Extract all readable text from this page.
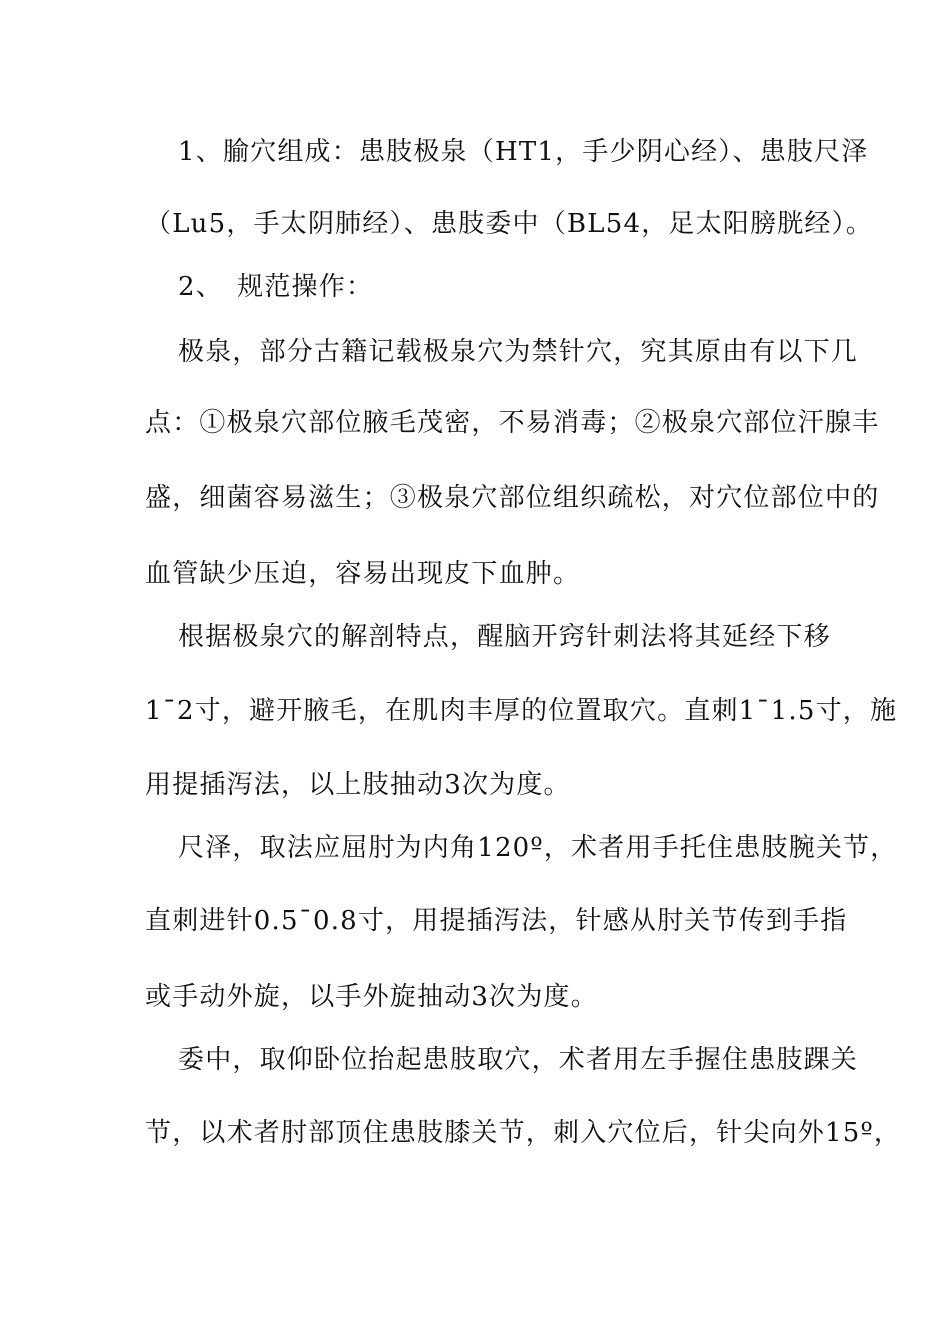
1、腧穴组成：患肢极泉（HT1，手少阴心经）、患肢尺泽
（Lu5，手太阴肺经）、患肢委中（BL54，足太阳膀胱经）。
2、　规范操作：
极泉，部分古籍记载极泉穴为禁针穴，究其原由有以下几
点：①极泉穴部位腋毛茂密，不易消毒；②极泉穴部位汗腺丰
盛，细菌容易滋生；③极泉穴部位组织疏松，对穴位部位中的
血管缺少压迫，容易出现皮下血肿。
根据极泉穴的解剖特点，醒脑开窍针刺法将其延经下移
1¯2寸，避开腋毛，在肌肉丰厚的位置取穴。直刺1¯1.5寸，施
用提插泻法，以上肢抽动3次为度。
尺泽，取法应屈肘为内角120º，术者用手托住患肢腕关节，
直刺进针0.5¯0.8寸，用提插泻法，针感从肘关节传到手指
或手动外旋，以手外旋抽动3次为度。
委中，取仰卧位抬起患肢取穴，术者用左手握住患肢踝关
节，以术者肘部顶住患肢膝关节，刺入穴位后，针尖向外15º，
